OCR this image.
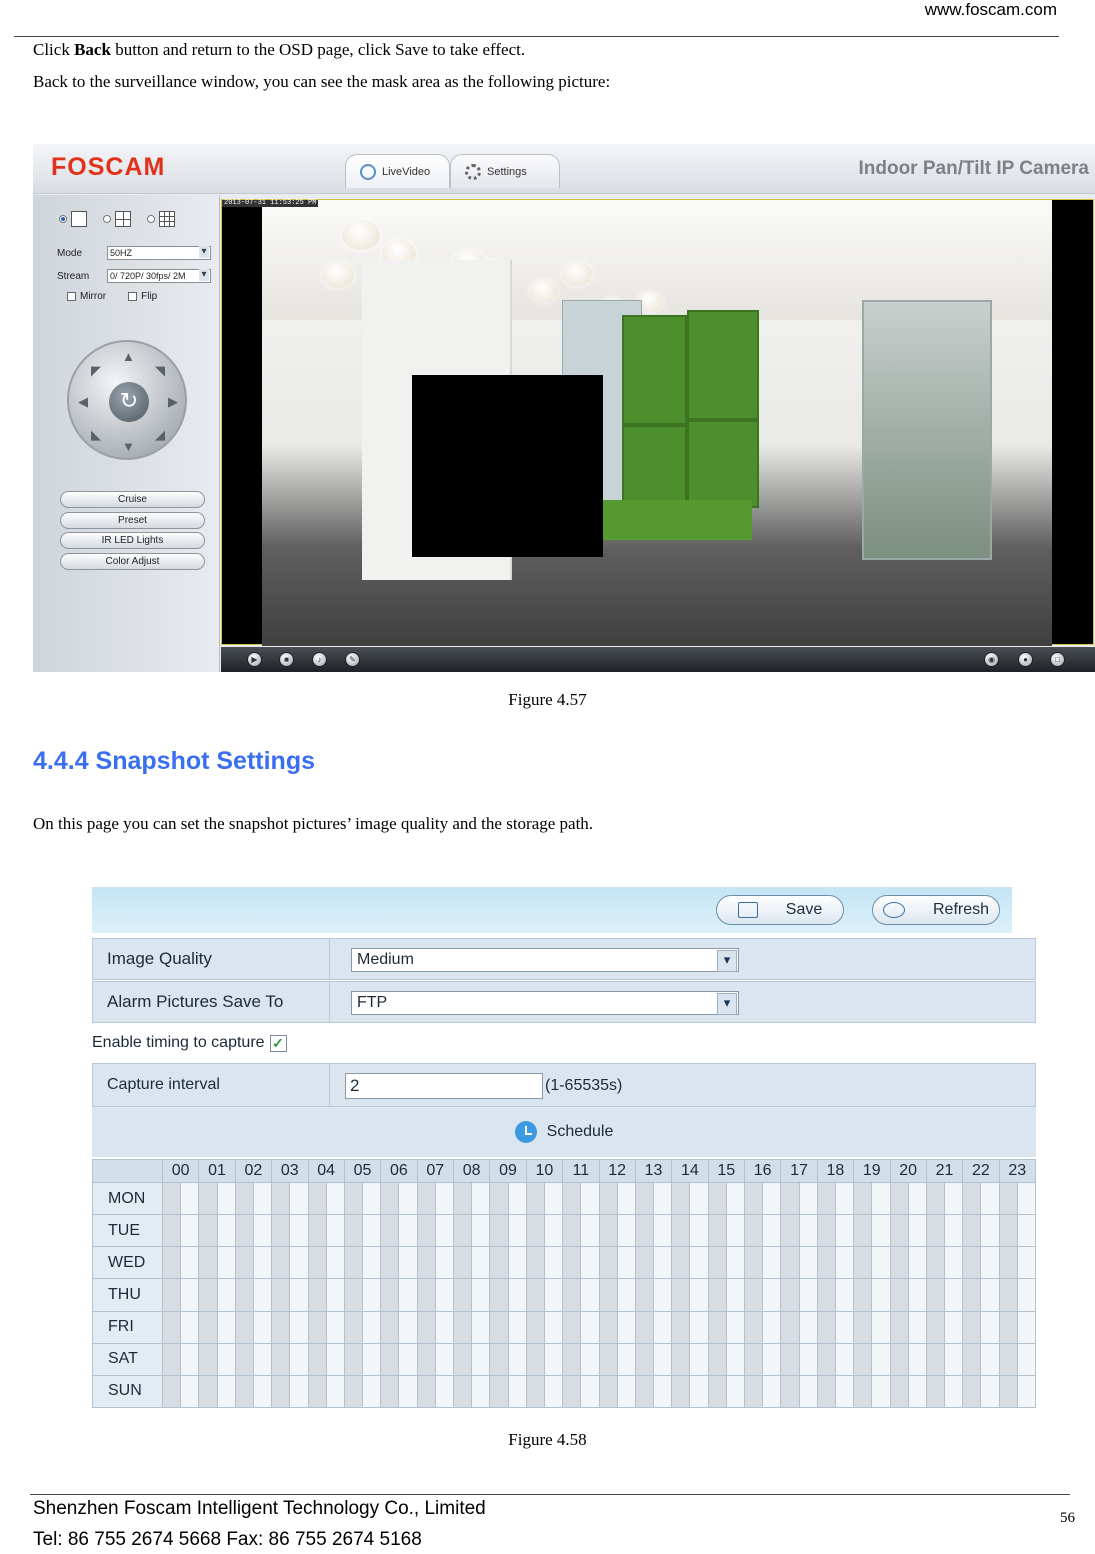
www.foscam.com
Click Back button and return to the OSD page, click Save to take effect.
Back to the surveillance window, you can see the mask area as the following picture:
FOSCAM	LiveVideo	Settings	Indoor Pan/Tilt IP Camera
Mode	50HZ ▾
Stream	0/ 720P/ 30fps/ 2M ▾
Mirror	Flip
▲
▼
◀	▶
◤	◥
◣	◢
↻
Cruise
Preset
IR LED Lights
Color Adjust
2013-07-31 11:53:25 PM
▶	■	♪	✎	◉	●	□
Figure 4.57
4.4.4 Snapshot Settings
On this page you can set the snapshot pictures’ image quality and the storage path.
Save	Refresh
Image Quality	Medium ▾
Alarm Pictures Save To	FTP ▾
Enable timing to capture ✓
Capture interval	2	(1-65535s)
Schedule
	00		01		02		03		04		05		06		07		08		09		10		11		12		13		14		15		16		17		18		19		20		21		22		23	
MON																																																
TUE																																																
WED																																																
THU																																																
FRI																																																
SAT																																																
SUN																																																
Figure 4.58
Shenzhen Foscam Intelligent Technology Co., Limited
Tel: 86 755 2674 5668 Fax: 86 755 2674 5168
56
